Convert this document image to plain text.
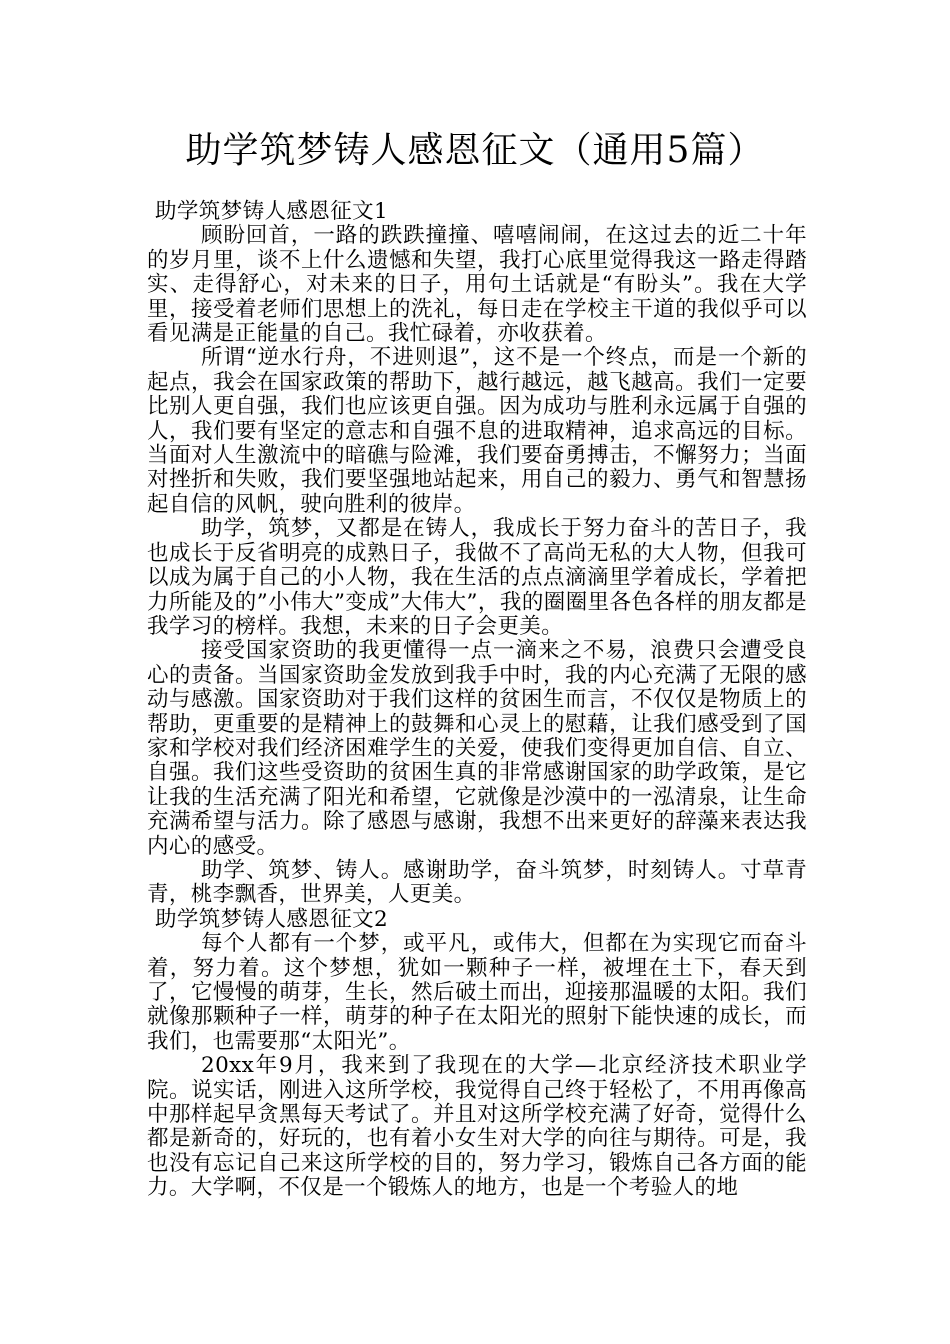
助学筑梦铸人感恩征文（通用5篇）
助学筑梦铸人感恩征文1

顾盼回首，一路的跌跌撞撞、嘻嘻闹闹，在这过去的近二十年的岁月里，谈不上什么遗憾和失望，我打心底里觉得我这一路走得踏实、走得舒心，对未来的日子，用句土话就是“有盼头”。我在大学里，接受着老师们思想上的洗礼，每日走在学校主干道的我似乎可以看见满是正能量的自己。我忙碌着，亦收获着。

所谓“逆水行舟，不进则退”，这不是一个终点，而是一个新的起点，我会在国家政策的帮助下，越行越远，越飞越高。我们一定要比别人更自强，我们也应该更自强。因为成功与胜利永远属于自强的人，我们要有坚定的意志和自强不息的进取精神，追求高远的目标。当面对人生激流中的暗礁与险滩，我们要奋勇搏击，不懈努力；当面对挫折和失败，我们要坚强地站起来，用自己的毅力、勇气和智慧扬起自信的风帆，驶向胜利的彼岸。

助学，筑梦，又都是在铸人，我成长于努力奋斗的苦日子，我也成长于反省明亮的成熟日子，我做不了高尚无私的大人物，但我可以成为属于自己的小人物，我在生活的点点滴滴里学着成长，学着把力所能及的”小伟大”变成”大伟大”，我的圈圈里各色各样的朋友都是我学习的榜样。我想，未来的日子会更美。

接受国家资助的我更懂得一点一滴来之不易，浪费只会遭受良心的责备。当国家资助金发放到我手中时，我的内心充满了无限的感动与感激。国家资助对于我们这样的贫困生而言，不仅仅是物质上的帮助，更重要的是精神上的鼓舞和心灵上的慰藉，让我们感受到了国家和学校对我们经济困难学生的关爱，使我们变得更加自信、自立、自强。我们这些受资助的贫困生真的非常感谢国家的助学政策，是它让我的生活充满了阳光和希望，它就像是沙漠中的一泓清泉，让生命充满希望与活力。除了感恩与感谢，我想不出来更好的辞藻来表达我内心的感受。

助学、筑梦、铸人。感谢助学，奋斗筑梦，时刻铸人。寸草青青，桃李飘香，世界美，人更美。

助学筑梦铸人感恩征文2

每个人都有一个梦，或平凡，或伟大，但都在为实现它而奋斗着，努力着。这个梦想，犹如一颗种子一样，被埋在土下，春天到了，它慢慢的萌芽，生长，然后破土而出，迎接那温暖的太阳。我们就像那颗种子一样，萌芽的种子在太阳光的照射下能快速的成长，而我们，也需要那“太阳光”。

20xx年9月，我来到了我现在的大学—北京经济技术职业学院。说实话，刚进入这所学校，我觉得自己终于轻松了，不用再像高中那样起早贪黑每天考试了。并且对这所学校充满了好奇，觉得什么都是新奇的，好玩的，也有着小女生对大学的向往与期待。可是，我也没有忘记自己来这所学校的目的，努力学习，锻炼自己各方面的能力。大学啊，不仅是一个锻炼人的地方，也是一个考验人的地
